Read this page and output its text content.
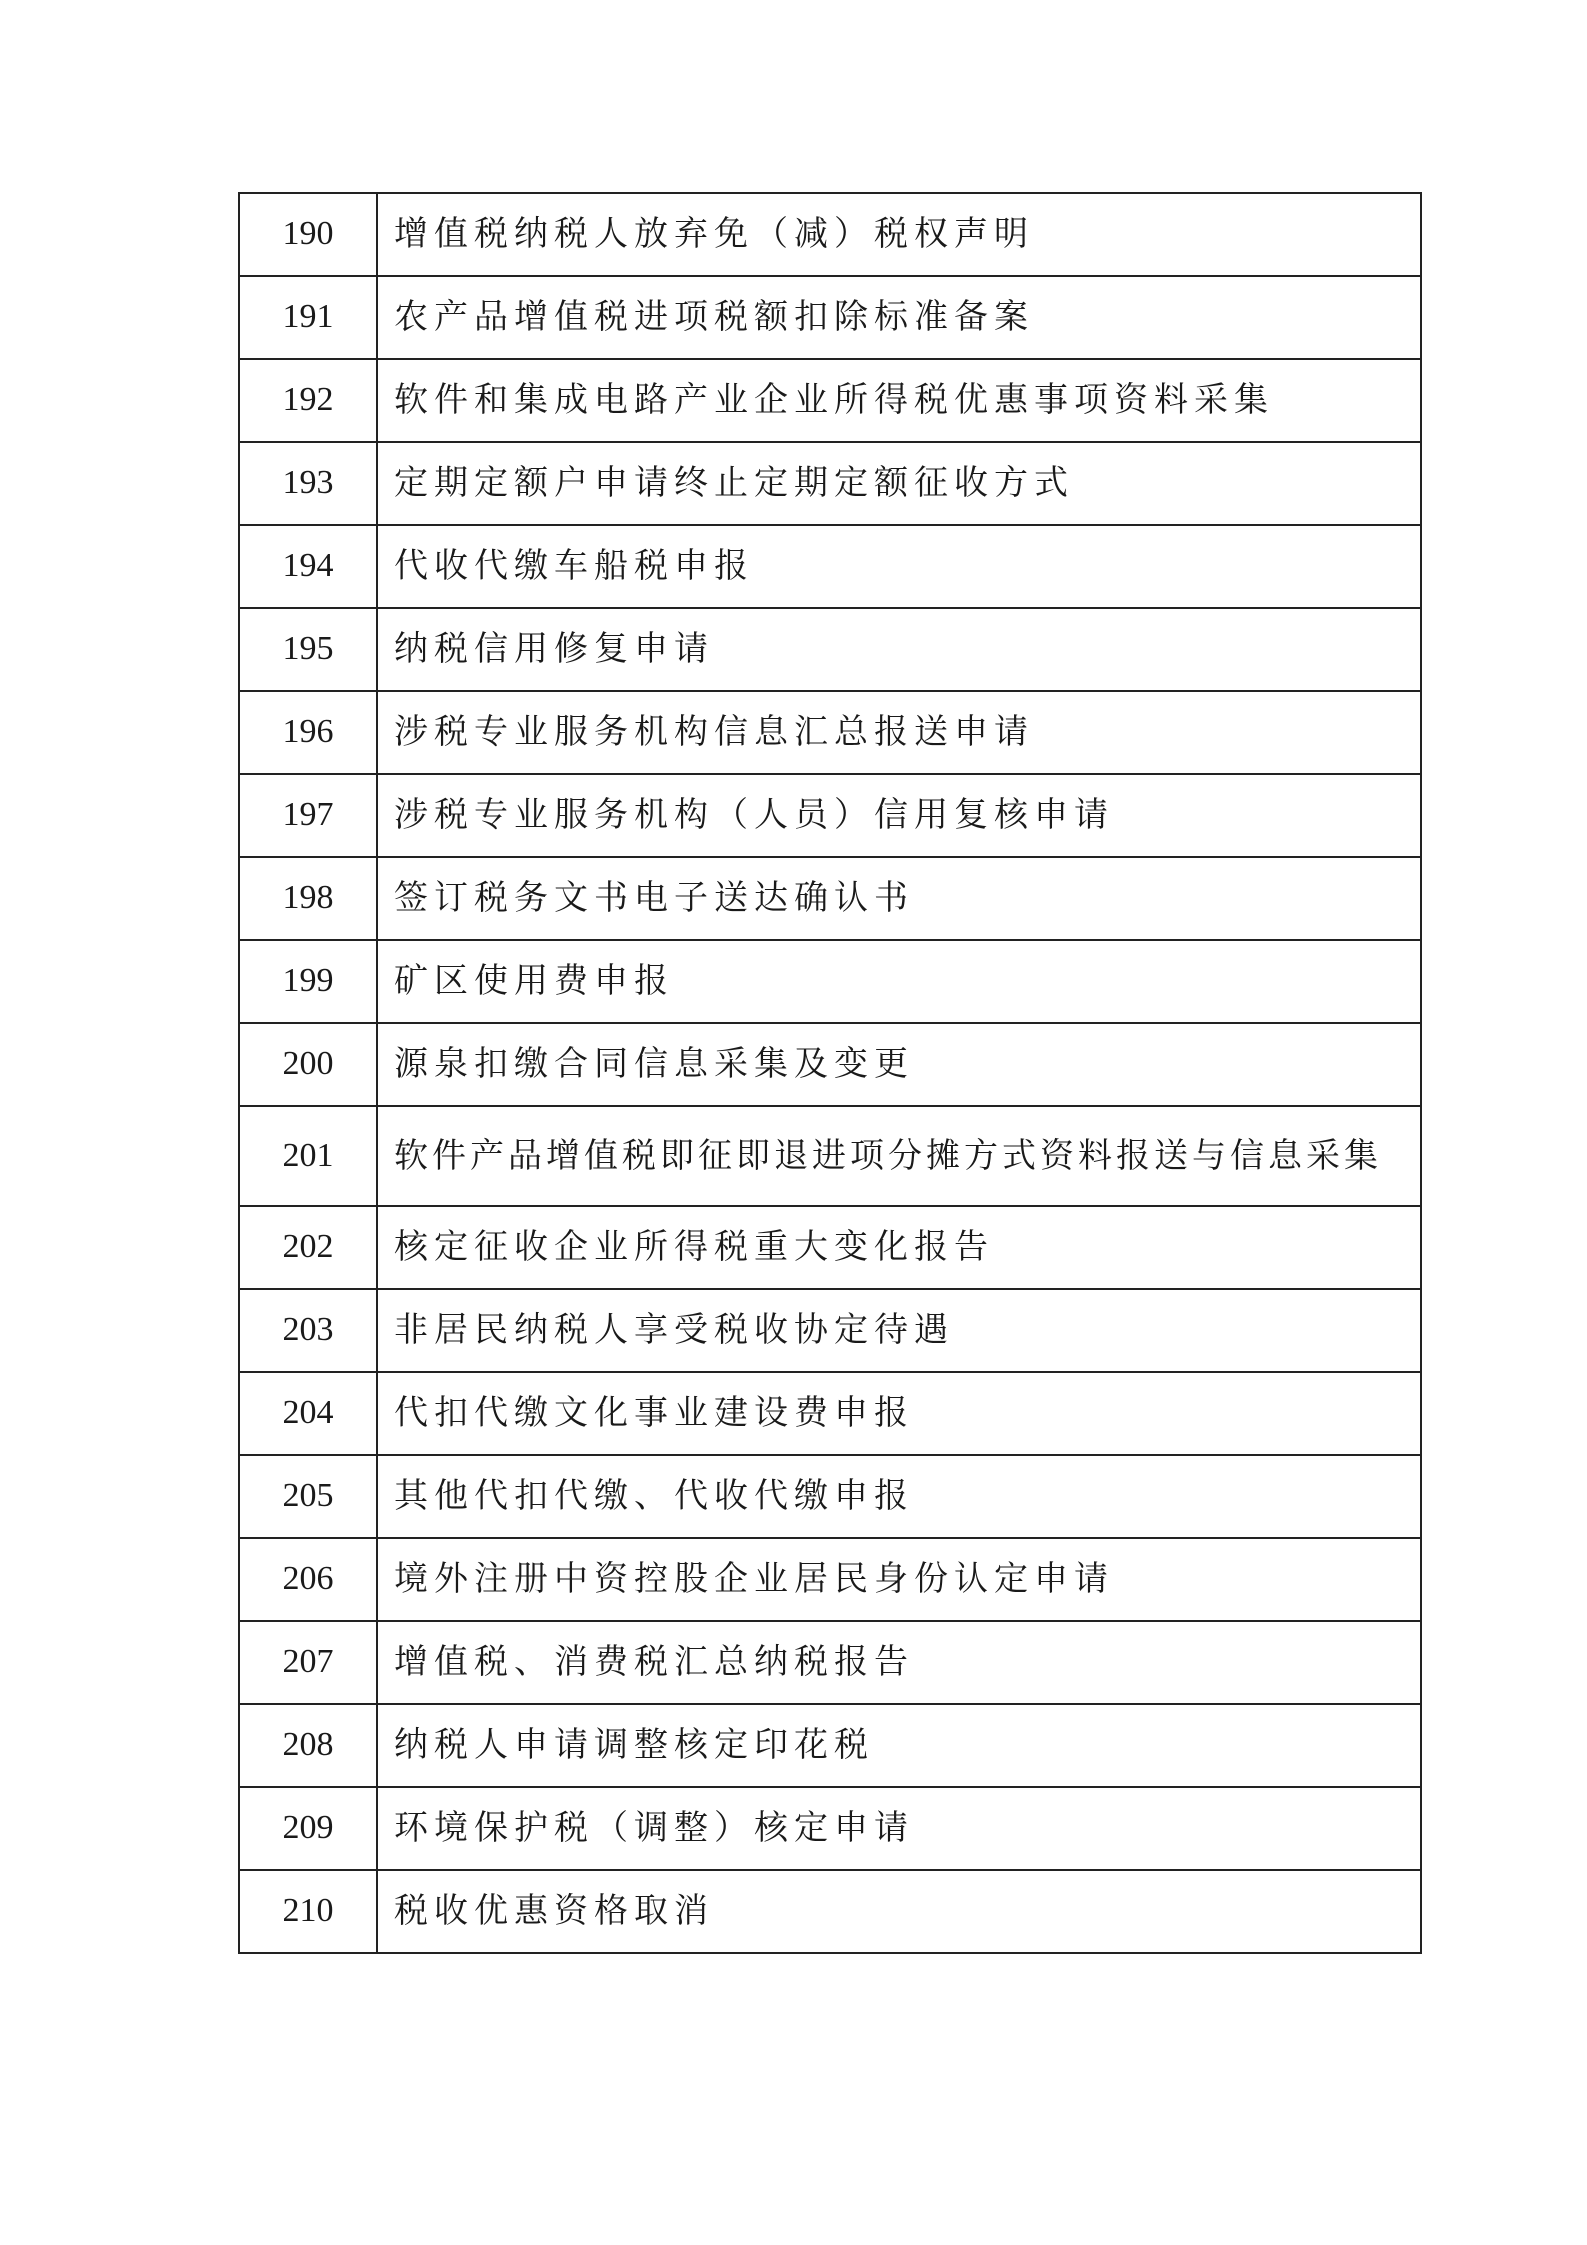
190	增值税纳税人放弃免（减）税权声明
191	农产品增值税进项税额扣除标准备案
192	软件和集成电路产业企业所得税优惠事项资料采集
193	定期定额户申请终止定期定额征收方式
194	代收代缴车船税申报
195	纳税信用修复申请
196	涉税专业服务机构信息汇总报送申请
197	涉税专业服务机构（人员）信用复核申请
198	签订税务文书电子送达确认书
199	矿区使用费申报
200	源泉扣缴合同信息采集及变更
201	软件产品增值税即征即退进项分摊方式资料报送与信息采集
202	核定征收企业所得税重大变化报告
203	非居民纳税人享受税收协定待遇
204	代扣代缴文化事业建设费申报
205	其他代扣代缴、代收代缴申报
206	境外注册中资控股企业居民身份认定申请
207	增值税、消费税汇总纳税报告
208	纳税人申请调整核定印花税
209	环境保护税（调整）核定申请
210	税收优惠资格取消
